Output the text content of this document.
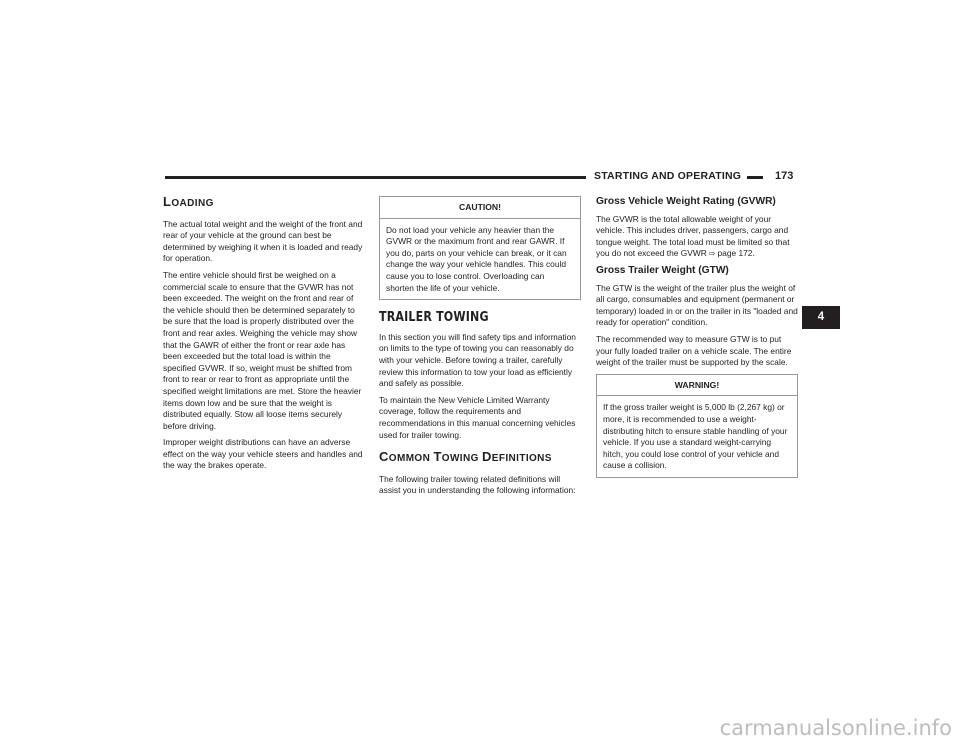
STARTING AND OPERATING	173
LOADING

The actual total weight and the weight of the front and rear of your vehicle at the ground can best be determined by weighing it when it is loaded and ready for operation.

The entire vehicle should first be weighed on a commercial scale to ensure that the GVWR has not been exceeded. The weight on the front and rear of the vehicle should then be determined separately to be sure that the load is properly distributed over the front and rear axles. Weighing the vehicle may show that the GAWR of either the front or rear axle has been exceeded but the total load is within the specified GVWR. If so, weight must be shifted from front to rear or rear to front as appropriate until the specified weight limitations are met. Store the heavier items down low and be sure that the weight is distributed equally. Stow all loose items securely before driving.

Improper weight distributions can have an adverse effect on the way your vehicle steers and handles and the way the brakes operate.

CAUTION!
Do not load your vehicle any heavier than the GVWR or the maximum front and rear GAWR. If you do, parts on your vehicle can break, or it can change the way your vehicle handles. This could cause you to lose control. Overloading can shorten the life of your vehicle.
TRAILER TOWING

In this section you will find safety tips and information on limits to the type of towing you can reasonably do with your vehicle. Before towing a trailer, carefully review this information to tow your load as efficiently and safely as possible.

To maintain the New Vehicle Limited Warranty coverage, follow the requirements and recommendations in this manual concerning vehicles used for trailer towing.

COMMON TOWING DEFINITIONS

The following trailer towing related definitions will assist you in understanding the following information:

Gross Vehicle Weight Rating (GVWR)

The GVWR is the total allowable weight of your vehicle. This includes driver, passengers, cargo and tongue weight. The total load must be limited so that you do not exceed the GVWR ⇨ page 172.

Gross Trailer Weight (GTW)

The GTW is the weight of the trailer plus the weight of all cargo, consumables and equipment (permanent or temporary) loaded in or on the trailer in its "loaded and ready for operation" condition.

The recommended way to measure GTW is to put your fully loaded trailer on a vehicle scale. The entire weight of the trailer must be supported by the scale.

WARNING!
If the gross trailer weight is 5,000 lb (2,267 kg) or more, it is recommended to use a weight-distributing hitch to ensure stable handling of your vehicle. If you use a standard weight-carrying hitch, you could lose control of your vehicle and cause a collision.
4
carmanualsonline.info
